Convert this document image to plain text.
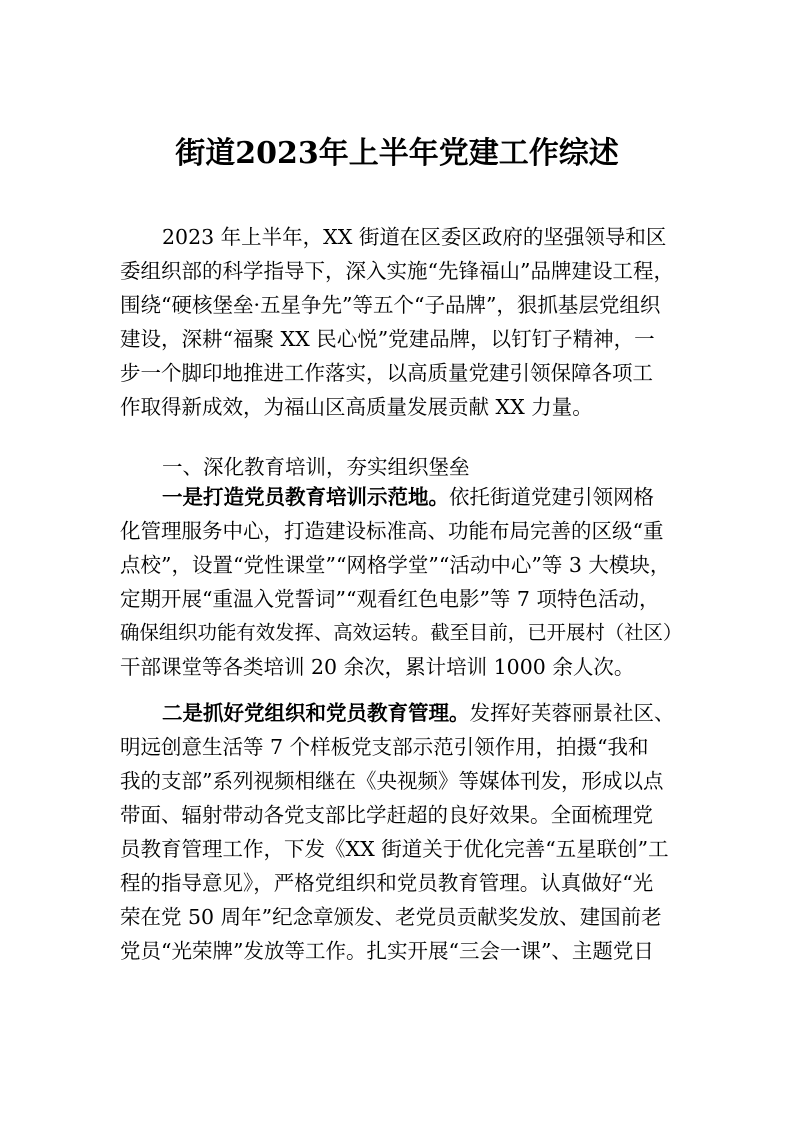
街道2023年上半年党建工作综述
2023 年上半年，XX 街道在区委区政府的坚强领导和区
委组织部的科学指导下，深入实施“先锋福山”品牌建设工程，
围绕“硬核堡垒·五星争先”等五个“子品牌”，狠抓基层党组织
建设，深耕“福聚 XX 民心悦”党建品牌，以钉钉子精神，一
步一个脚印地推进工作落实，以高质量党建引领保障各项工
作取得新成效，为福山区高质量发展贡献 XX 力量。
一、深化教育培训，夯实组织堡垒
一是打造党员教育培训示范地。依托街道党建引领网格
化管理服务中心，打造建设标准高、功能布局完善的区级“重
点校”，设置“党性课堂”“网格学堂”“活动中心”等 3 大模块，
定期开展“重温入党誓词”“观看红色电影”等 7 项特色活动，
确保组织功能有效发挥、高效运转。截至目前，已开展村（社区）
干部课堂等各类培训 20 余次，累计培训 1000 余人次。
二是抓好党组织和党员教育管理。发挥好芙蓉丽景社区、
明远创意生活等 7 个样板党支部示范引领作用，拍摄“我和
我的支部”系列视频相继在《央视频》等媒体刊发，形成以点
带面、辐射带动各党支部比学赶超的良好效果。全面梳理党
员教育管理工作，下发《XX 街道关于优化完善“五星联创”工
程的指导意见》，严格党组织和党员教育管理。认真做好“光
荣在党 50 周年”纪念章颁发、老党员贡献奖发放、建国前老
党员“光荣牌”发放等工作。扎实开展“三会一课”、主题党日
